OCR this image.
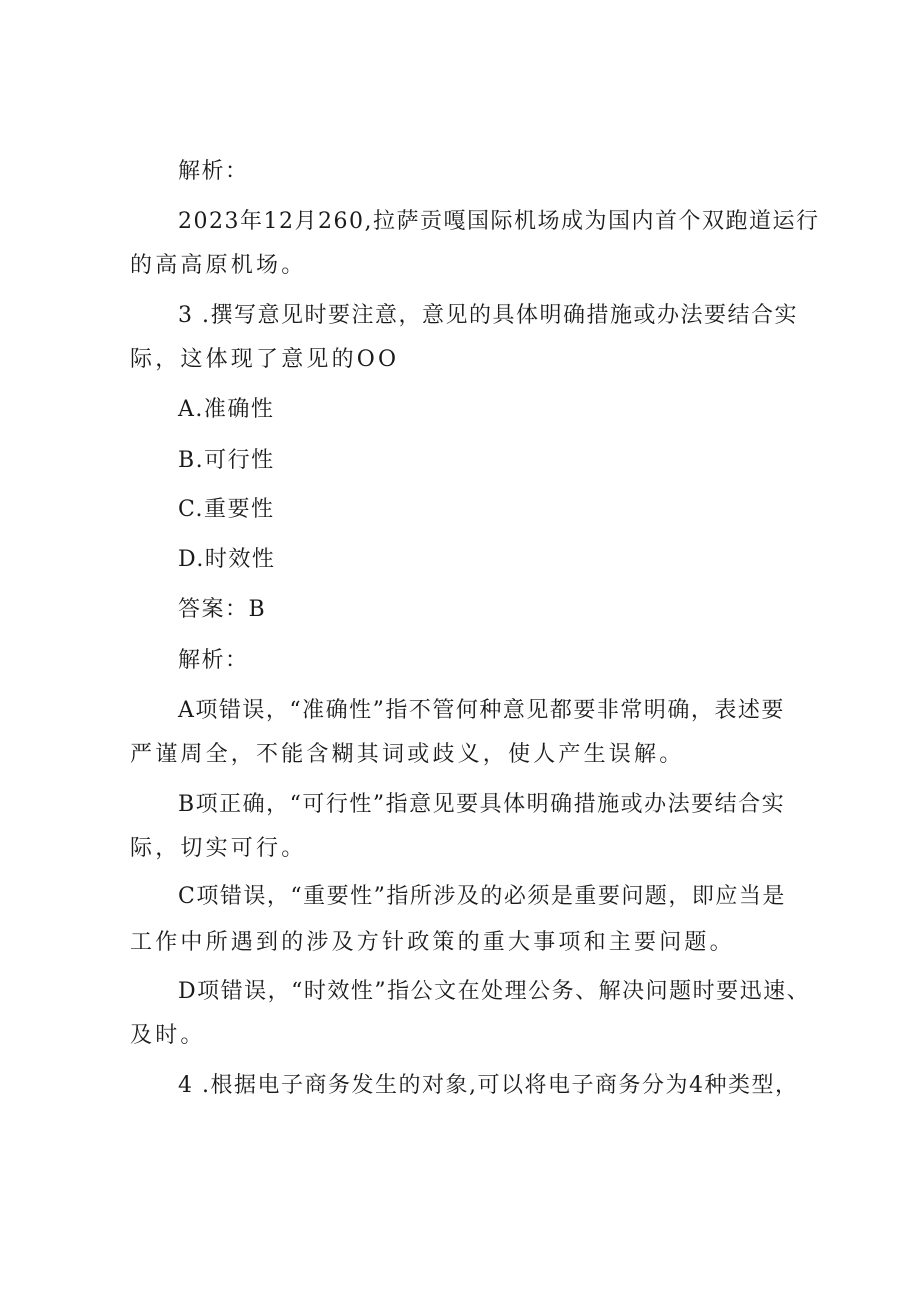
解析：
2023年12月260,拉萨贡嘎国际机场成为国内首个双跑道运行
的高高原机场。
3 .撰写意见时要注意，意见的具体明确措施或办法要结合实
际，这体现了意见的OO
A.准确性
B.可行性
C.重要性
D.时效性
答案：B
解析：
A项错误，“准确性”指不管何种意见都要非常明确，表述要
严谨周全，不能含糊其词或歧义，使人产生误解。
B项正确，“可行性”指意见要具体明确措施或办法要结合实
际，切实可行。
C项错误，“重要性”指所涉及的必须是重要问题，即应当是
工作中所遇到的涉及方针政策的重大事项和主要问题。
D项错误，“时效性”指公文在处理公务、解决问题时要迅速、
及时。
4 .根据电子商务发生的对象,可以将电子商务分为4种类型，
